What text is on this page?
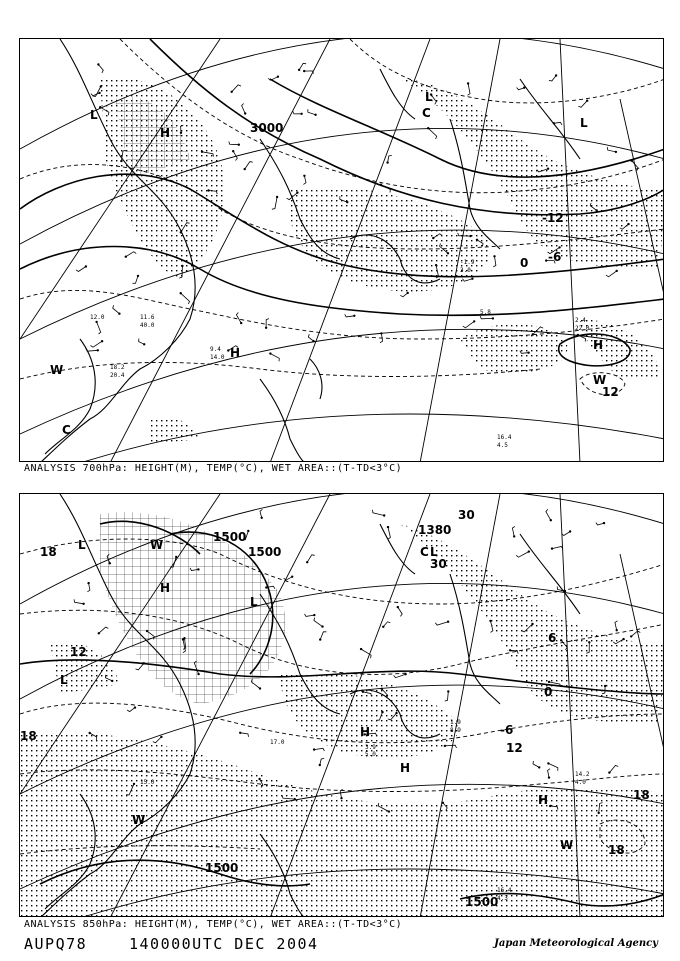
3000
-12
-6
0
12
H
H
H
L
L
L
W
W
C
C
9.4
14.0
18.2
20.4
12.0
40.0
11.6
5.8
16.4
4.5
2.4
22.0
-1.9
3.0
ANALYSIS 700hPa: HEIGHT(M), TEMP(°C), WET AREA::(T-TD<3°C)
1500
1500
1500
1500
1380
18
12
6
0
-6
18
18
12
18
30
30
H
H
H
H
L
L	L
L
W
W
W
C
14.2
4.0
16.4
4.3
3.9
15.0
17.0
1.9
5.0
8.9
ANALYSIS 850hPa: HEIGHT(M), TEMP(°C), WET AREA::(T-TD<3°C)
AUPQ78	140000UTC DEC 2004	Japan Meteorological Agency
